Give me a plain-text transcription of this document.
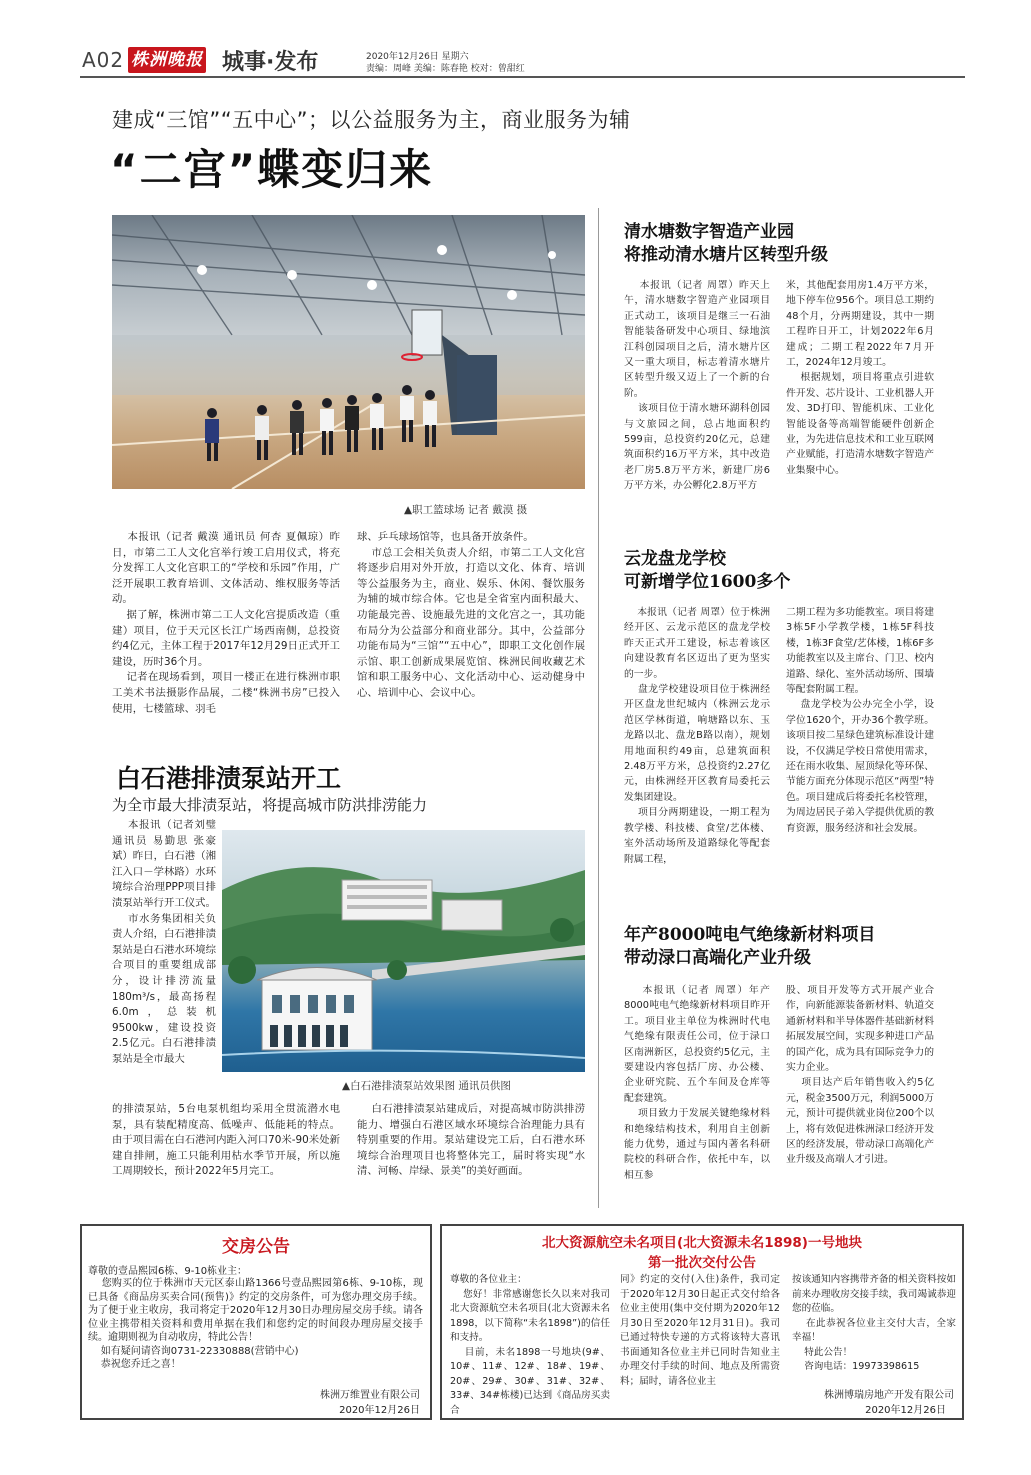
A02 株洲晚报 城事·发布	2020年12月26日 星期六
责编：周峰 美编：陈春艳 校对：曾甜红
建成“三馆”“五中心”；以公益服务为主，商业服务为辅
“二宫”蝶变归来
▲职工篮球场 记者 戴漠 摄
本报讯（记者 戴漠 通讯员 何杏 夏佩琼）昨日，市第二工人文化宫举行竣工启用仪式，将充分发挥工人文化宫职工的“学校和乐园”作用，广泛开展职工教育培训、文体活动、维权服务等活动。
据了解，株洲市第二工人文化宫提质改造（重建）项目，位于天元区长江广场西南侧，总投资约4亿元，主体工程于2017年12月29日正式开工建设，历时36个月。
记者在现场看到，项目一楼正在进行株洲市职工美术书法摄影作品展，二楼“株洲书房”已投入使用，七楼篮球、羽毛
球、乒乓球场馆等，也具备开放条件。
市总工会相关负责人介绍，市第二工人文化宫将逐步启用对外开放，打造以文化、体育、培训等公益服务为主，商业、娱乐、休闲、餐饮服务为辅的城市综合体。它也是全省室内面积最大、功能最完善、设施最先进的文化宫之一，其功能布局分为公益部分和商业部分。其中，公益部分功能布局为“三馆”“五中心”，即职工文化创作展示馆、职工创新成果展览馆、株洲民间收藏艺术馆和职工服务中心、文化活动中心、运动健身中心、培训中心、会议中心。
白石港排渍泵站开工
为全市最大排渍泵站，将提高城市防洪排涝能力
本报讯（记者刘璧 通讯员 易勤思 张豪斌）昨日，白石港（湘江入口－学林路）水环境综合治理PPP项目排渍泵站举行开工仪式。
市水务集团相关负责人介绍，白石港排渍泵站是白石港水环境综合项目的重要组成部分，设计排涝流量180m³/s，最高扬程6.0m，总装机9500kw，建设投资2.5亿元。白石港排渍泵站是全市最大
▲白石港排渍泵站效果图 通讯员供图
的排渍泵站，5台电泵机组均采用全贯流潜水电泵，具有装配精度高、低噪声、低能耗的特点。由于项目需在白石港河内距入河口70米-90米处新建自排闸，施工只能利用枯水季节开展，所以施工周期较长，预计2022年5月完工。
白石港排渍泵站建成后，对提高城市防洪排涝能力、增强白石港区域水环境综合治理能力具有特别重要的作用。泵站建设完工后，白石港水环境综合治理项目也将整体完工，届时将实现“水清、河畅、岸绿、景美”的美好画面。
清水塘数字智造产业园
将推动清水塘片区转型升级
本报讯（记者 周罩）昨天上午，清水塘数字智造产业园项目正式动工，该项目是继三一石油智能装备研发中心项目、绿地滨江科创园项目之后，清水塘片区又一重大项目，标志着清水塘片区转型升级又迈上了一个新的台阶。
该项目位于清水塘环湖科创园与文旅园之间，总占地面积约599亩，总投资约20亿元，总建筑面积约16万平方米，其中改造老厂房5.8万平方米，新建厂房6万平方米，办公孵化2.8万平方
米，其他配套用房1.4万平方米，地下停车位956个。项目总工期约48个月，分两期建设，其中一期工程昨日开工，计划2022年6月建成；二期工程2022年7月开工，2024年12月竣工。
根据规划，项目将重点引进软件开发、芯片设计、工业机器人开发、3D打印、智能机床、工业化智能设备等高端智能硬件创新企业，为先进信息技术和工业互联网产业赋能，打造清水塘数字智造产业集聚中心。
云龙盘龙学校
可新增学位1600多个
本报讯（记者 周罩）位于株洲经开区、云龙示范区的盘龙学校昨天正式开工建设，标志着该区向建设教育名区迈出了更为坚实的一步。
盘龙学校建设项目位于株洲经开区盘龙世纪城内（株洲云龙示范区学林街道，响塘路以东、玉龙路以北、盘龙B路以南），规划用地面积约49亩，总建筑面积2.48万平方米，总投资约2.27亿元，由株洲经开区教育局委托云发集团建设。
项目分两期建设，一期工程为教学楼、科技楼、食堂/艺体楼、室外活动场所及道路绿化等配套附属工程，
二期工程为多功能教室。项目将建3栋5F小学教学楼，1栋5F科技楼，1栋3F食堂/艺体楼，1栋6F多功能教室以及主席台、门卫、校内道路、绿化、室外活动场所、围墙等配套附属工程。
盘龙学校为公办完全小学，设学位1620个，开办36个教学班。该项目按二星绿色建筑标准设计建设，不仅满足学校日常使用需求，还在雨水收集、屋顶绿化等环保、节能方面充分体现示范区“两型”特色。项目建成后将委托名校管理，为周边居民子弟入学提供优质的教育资源，服务经济和社会发展。
年产8000吨电气绝缘新材料项目
带动渌口高端化产业升级
本报讯（记者 周罩）年产8000吨电气绝缘新材料项目昨开工。项目业主单位为株洲时代电气绝缘有限责任公司，位于渌口区南洲新区，总投资约5亿元，主要建设内容包括厂房、办公楼、企业研究院、五个车间及仓库等配套建筑。
项目致力于发展关键绝缘材料和绝缘结构技术，利用自主创新能力优势，通过与国内著名科研院校的科研合作，依托中车，以相互参
股、项目开发等方式开展产业合作，向新能源装备新材料、轨道交通新材料和半导体器件基础新材料拓展发展空间，实现多种进口产品的国产化，成为具有国际竞争力的实力企业。
项目达产后年销售收入约5亿元，税金3500万元，利润5000万元，预计可提供就业岗位200个以上，将有效促进株洲渌口经济开发区的经济发展，带动渌口高端化产业升级及高端人才引进。
交房公告
尊敬的壹品熙园6栋、9-10栋业主：
您购买的位于株洲市天元区泰山路1366号壹品熙园第6栋、9-10栋，现已具备《商品房买卖合同(预售)》约定的交房条件，可为您办理交房手续。为了便于业主收房，我司将定于2020年12月30日办理房屋交房手续。请各位业主携带相关资料和费用单据在我们和您约定的时间段办理房屋交接手续。逾期则视为自动收房，特此公告！
如有疑问请咨询0731-22330888(营销中心)
恭祝您乔迁之喜！
株洲万维置业有限公司
2020年12月26日
北大资源航空未名项目(北大资源未名1898)一号地块
第一批次交付公告
尊敬的各位业主：
您好！非常感谢您长久以来对我司北大资源航空未名项目(北大资源未名1898，以下简称“未名1898”)的信任和支持。
目前，未名1898一号地块(9#、10#、11#、12#、18#、19#、20#、29#、30#、31#、32#、33#、34#栋楼)已达到《商品房买卖合
同》约定的交付(入住)条件，我司定于2020年12月30日起正式交付给各位业主使用(集中交付期为2020年12月30日至2020年12月31日)。我司已通过特快专递的方式将该特大喜讯书面通知各位业主并已同时告知业主办理交付手续的时间、地点及所需资料；届时，请各位业主
按该通知内容携带齐备的相关资料按如前来办理收房交接手续，我司竭诚恭迎您的莅临。
在此恭祝各位业主交付大吉，全家幸福！
特此公告！
咨询电话：19973398615
株洲博瑞房地产开发有限公司
2020年12月26日
